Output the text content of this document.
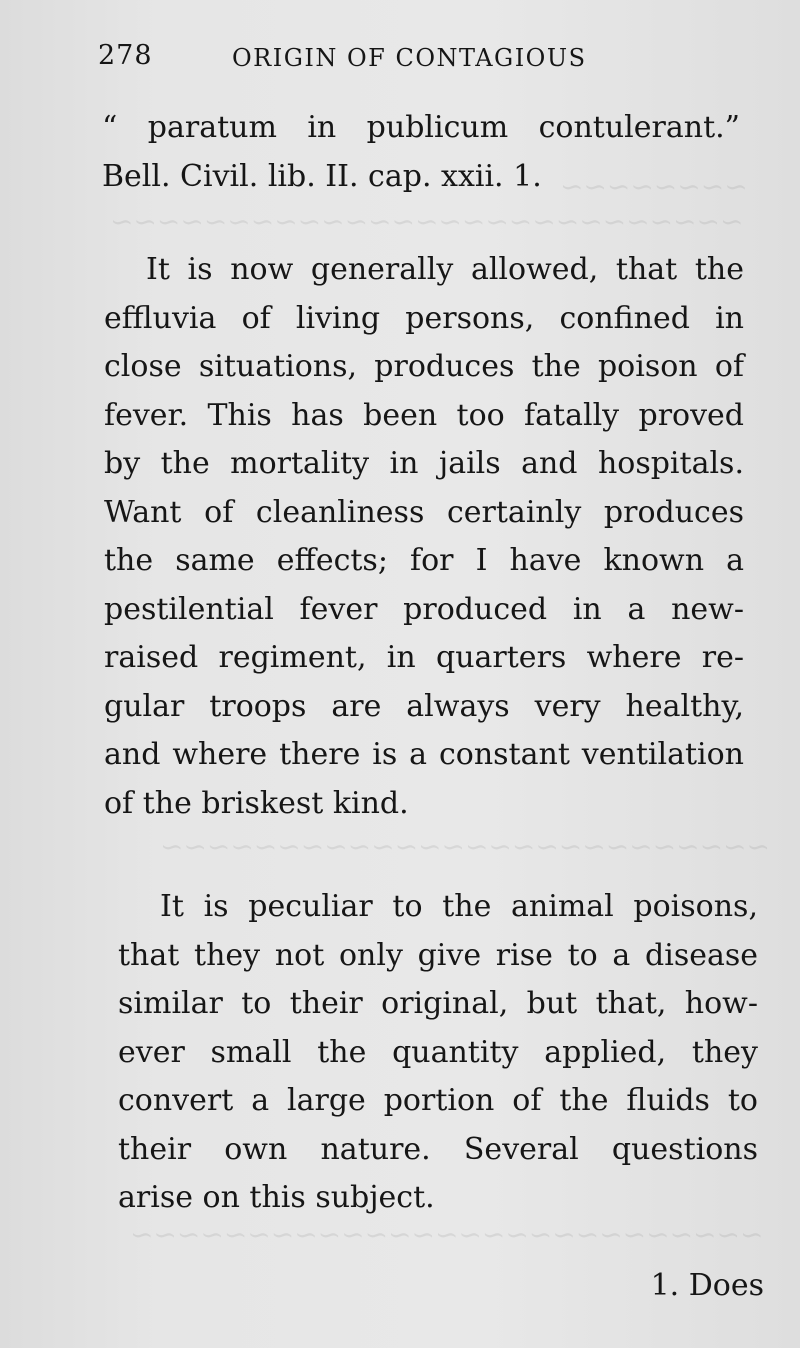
~~~~~~~~
~~~~~~~~~~~~~~~~~~~~~~~~~~~
~~~~~~~~~~~~~~~~~~~~~~~~~~
~~~~~~~~~~~~~~~~~~~~~~~~~~~
278	ORIGIN OF CONTAGIOUS
“ paratum in publicum contulerant.”
Bell. Civil. lib. II. cap. xxii. 1.
It is now generally allowed, that the
effluvia of living persons, confined in
close situations, produces the poison of
fever. This has been too fatally proved
by the mortality in jails and hospitals.
Want of cleanliness certainly produces
the same effects; for I have known a
pestilential fever produced in a new-
raised regiment, in quarters where re-
gular troops are always very healthy,
and where there is a constant ventilation
of the briskest kind.
It is peculiar to the animal poisons,
that they not only give rise to a disease
similar to their original, but that, how-
ever small the quantity applied, they
convert a large portion of the fluids to
their own nature. Several questions
arise on this subject.
1. Does
